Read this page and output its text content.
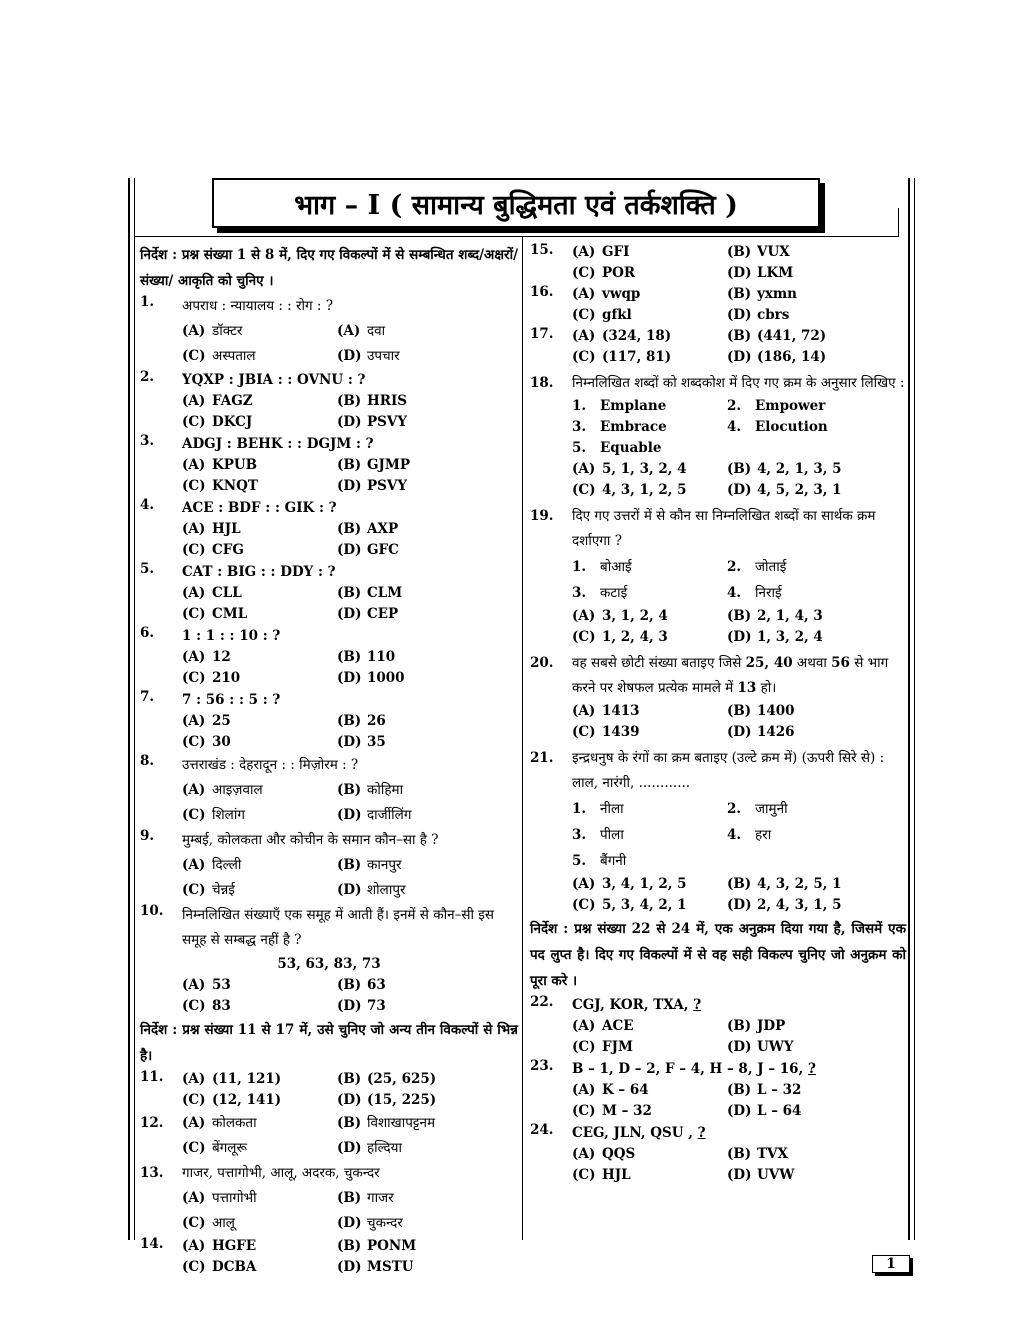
भाग – I ( सामान्य बुद्धिमता एवं तर्कशक्ति )
निर्देश : प्रश्न संख्या 1 से 8 में, दिए गए विकल्पों में से सम्बन्धित शब्द/अक्षरों/संख्या/ आकृति को चुनिए ।
1.	अपराध : न्यायालय : : रोग : ?
(A) डॉक्टर	(A) दवा
(C) अस्पताल	(D) उपचार
2.	YQXP : JBIA : : OVNU : ?
(A) FAGZ	(B) HRIS
(C) DKCJ	(D) PSVY
3.	ADGJ : BEHK : : DGJM : ?
(A) KPUB	(B) GJMP
(C) KNQT	(D) PSVY
4.	ACE : BDF : : GIK : ?
(A) HJL	(B) AXP
(C) CFG	(D) GFC
5.	CAT : BIG : : DDY : ?
(A) CLL	(B) CLM
(C) CML	(D) CEP
6.	1 : 1 : : 10 : ?
(A) 12	(B) 110
(C) 210	(D) 1000
7.	7 : 56 : : 5 : ?
(A) 25	(B) 26
(C) 30	(D) 35
8.	उत्तराखंड : देहरादून : : मिज़ोरम : ?
(A) आइज़वाल	(B) कोहिमा
(C) शिलांग	(D) दार्जीलिंग
9.	मुम्बई, कोलकता और कोचीन के समान कौन–सा है ?
(A) दिल्ली	(B) कानपुर
(C) चेन्नई	(D) शोलापुर
10.	निम्नलिखित संख्याएँ एक समूह में आती हैं। इनमें से कौन–सी इस समूह से सम्बद्ध नहीं है ?
53, 63, 83, 73
(A) 53	(B) 63
(C) 83	(D) 73
निर्देश : प्रश्न संख्या 11 से 17 में, उसे चुनिए जो अन्य तीन विकल्पों से भिन्न है।
11.	(A) (11, 121)	(B) (25, 625)
(C) (12, 141)	(D) (15, 225)
12.	(A) कोलकता	(B) विशाखापट्टनम
(C) बेंगलूरू	(D) हल्दिया
13.	गाजर, पत्तागोभी, आलू, अदरक, चुकन्दर
(A) पत्तागोभी	(B) गाजर
(C) आलू	(D) चुकन्दर
14.	(A) HGFE	(B) PONM
(C) DCBA	(D) MSTU
15.	(A) GFI	(B) VUX
(C) POR	(D) LKM
16.	(A) vwqp	(B) yxmn
(C) gfkl	(D) cbrs
17.	(A) (324, 18)	(B) (441, 72)
(C) (117, 81)	(D) (186, 14)
18.	निम्नलिखित शब्दों को शब्दकोश में दिए गए क्रम के अनुसार लिखिए :
1. Emplane	2. Empower
3. Embrace	4. Elocution
5. Equable
(A) 5, 1, 3, 2, 4	(B) 4, 2, 1, 3, 5
(C) 4, 3, 1, 2, 5	(D) 4, 5, 2, 3, 1
19.	दिए गए उत्तरों में से कौन सा निम्नलिखित शब्दों का सार्थक क्रम दर्शाएगा ?
1. बोआई	2. जोताई
3. कटाई	4. निराई
(A) 3, 1, 2, 4	(B) 2, 1, 4, 3
(C) 1, 2, 4, 3	(D) 1, 3, 2, 4
20.	वह सबसे छोटी संख्या बताइए जिसे 25, 40 अथवा 56 से भाग करने पर शेषफल प्रत्येक मामले में 13 हो।
(A) 1413	(B) 1400
(C) 1439	(D) 1426
21.	इन्द्रधनुष के रंगों का क्रम बताइए (उल्टे क्रम में) (ऊपरी सिरे से) :
लाल, नारंगी, ............
1. नीला	2. जामुनी
3. पीला	4. हरा
5. बैंगनी
(A) 3, 4, 1, 2, 5	(B) 4, 3, 2, 5, 1
(C) 5, 3, 4, 2, 1	(D) 2, 4, 3, 1, 5
निर्देश : प्रश्न संख्या 22 से 24 में, एक अनुक्रम दिया गया है, जिसमें एक पद लुप्त है। दिए गए विकल्पों में से वह सही विकल्प चुनिए जो अनुक्रम को पूरा करे ।
22.	CGJ, KOR, TXA, ?
(A) ACE	(B) JDP
(C) FJM	(D) UWY
23.	B – 1, D – 2, F – 4, H – 8, J – 16, ?
(A) K – 64	(B) L – 32
(C) M – 32	(D) L – 64
24.	CEG, JLN, QSU , ?
(A) QQS	(B) TVX
(C) HJL	(D) UVW
1
